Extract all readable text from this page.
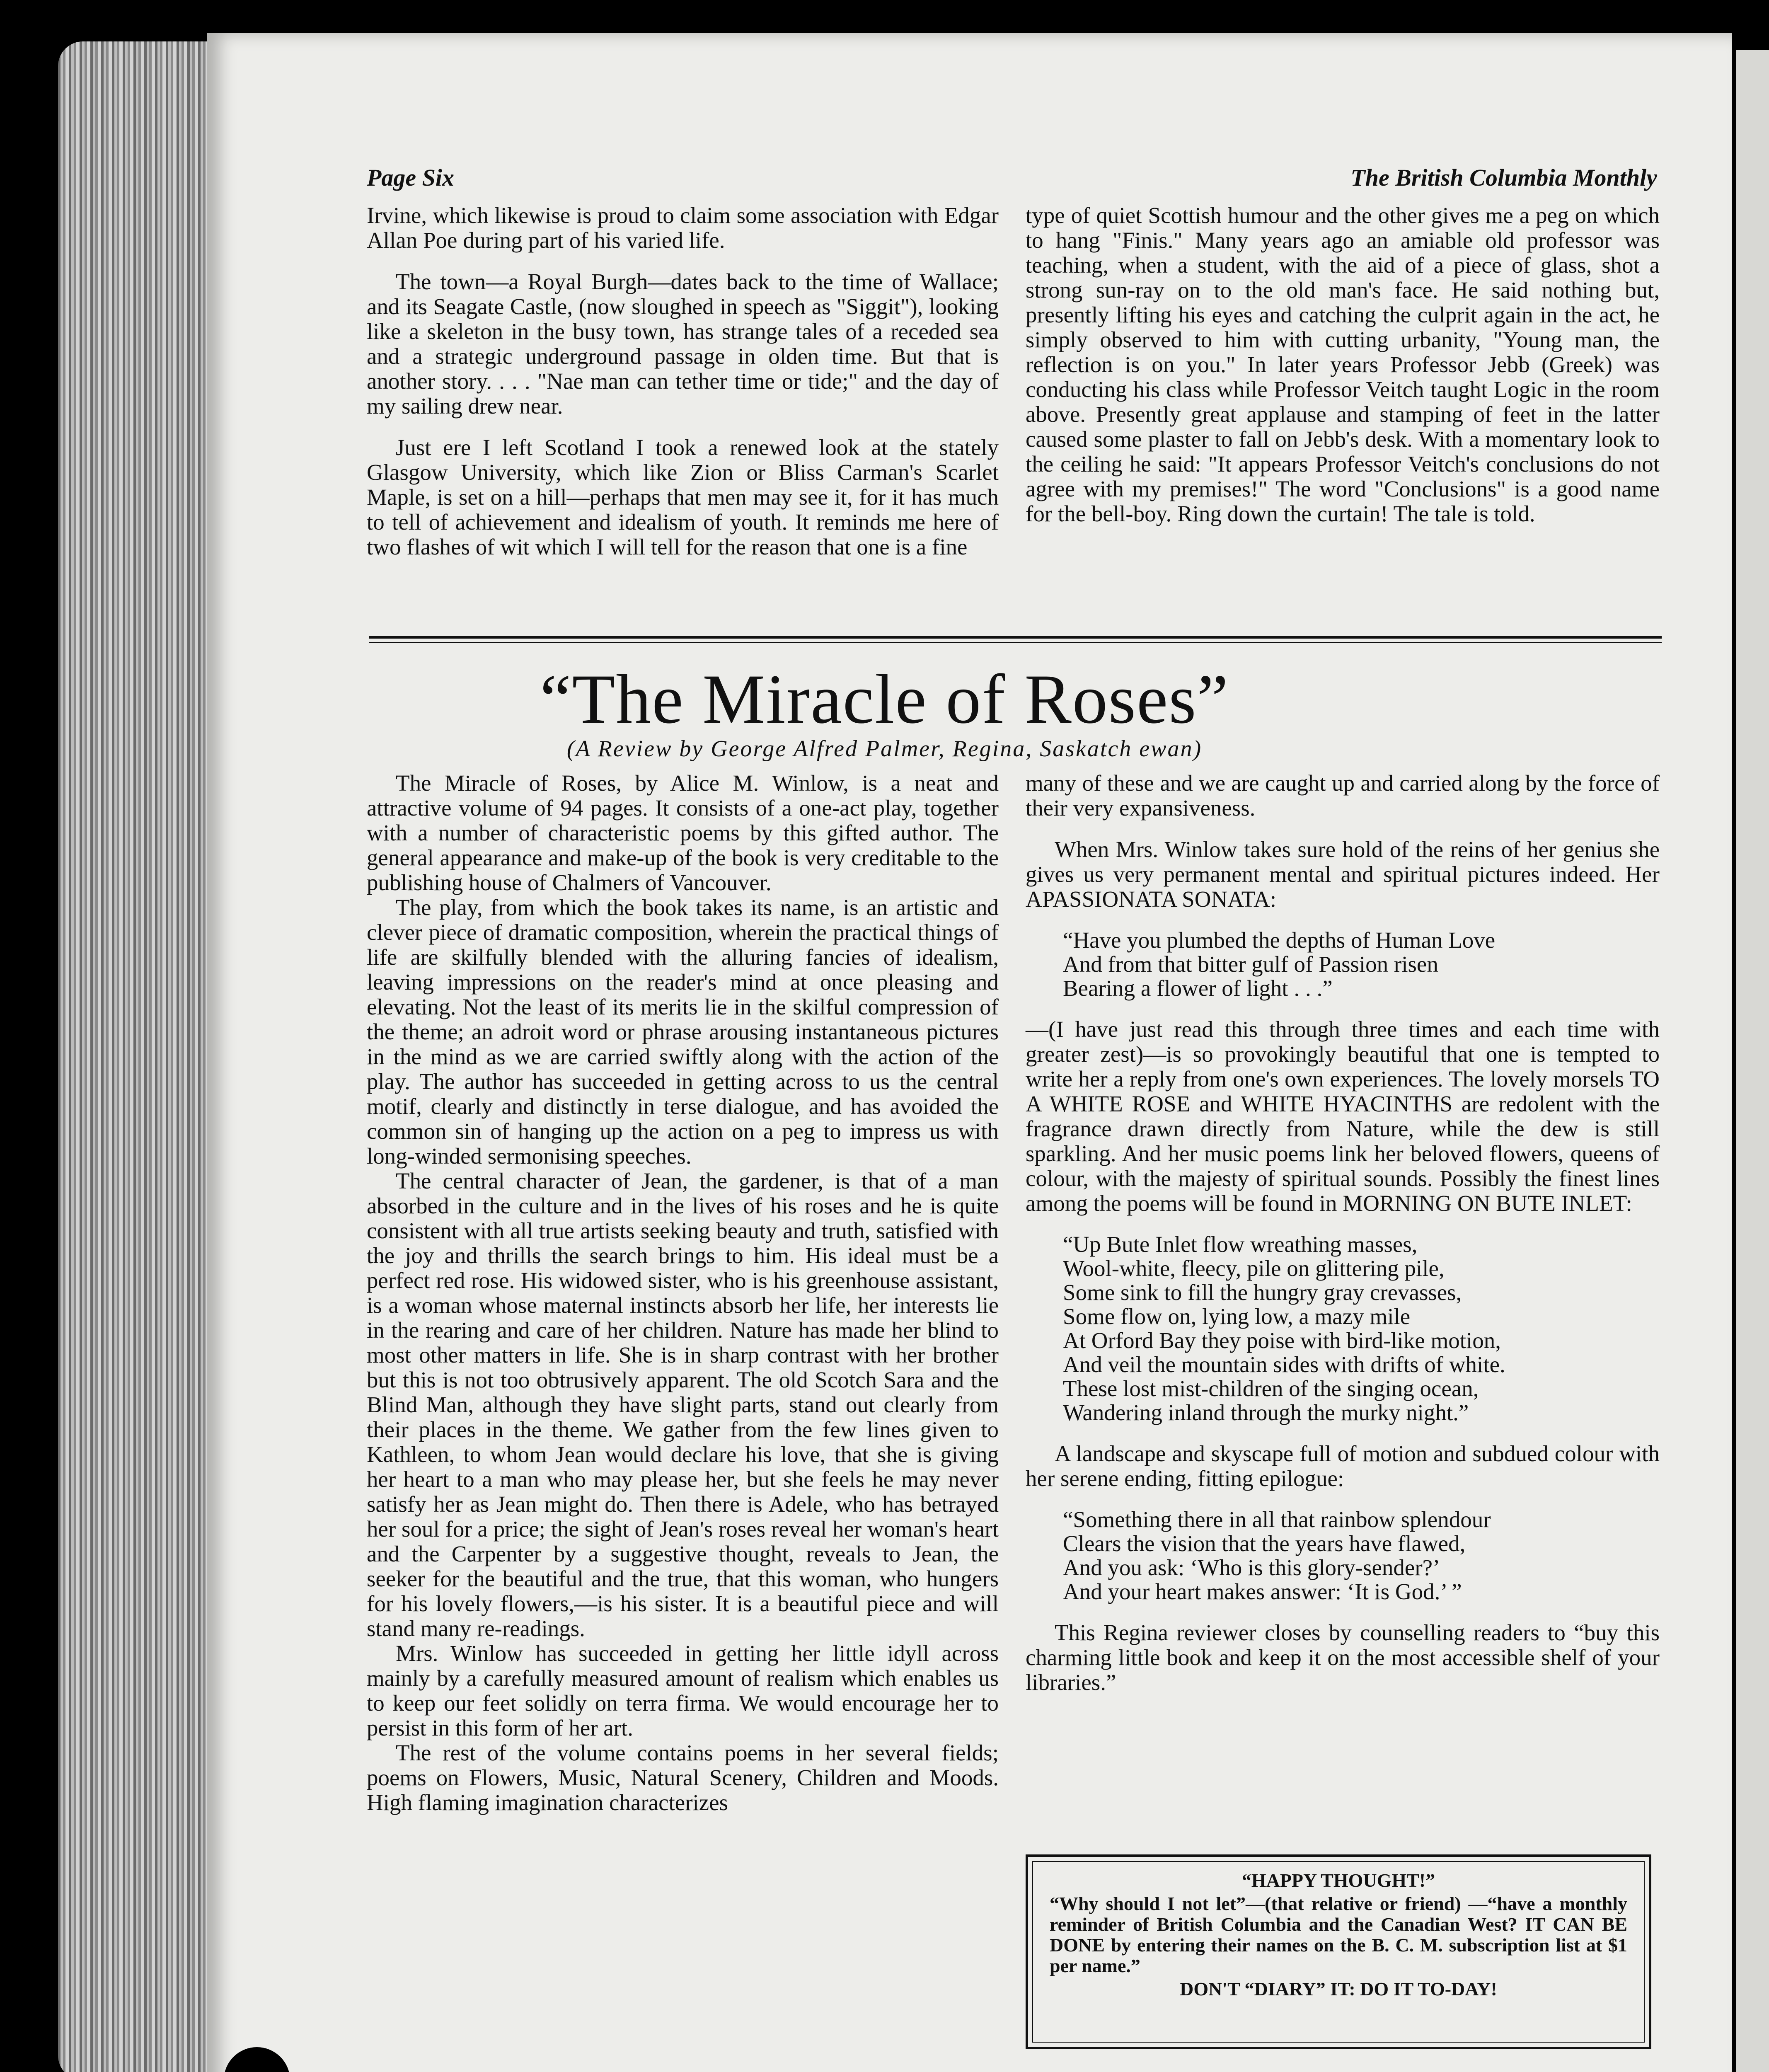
Page Six	The British Columbia Monthly

Irvine, which likewise is proud to claim some association with Edgar Allan Poe during part of his varied life.

The town—a Royal Burgh—dates back to the time of Wallace; and its Seagate Castle, (now sloughed in speech as "Siggit"), looking like a skeleton in the busy town, has strange tales of a receded sea and a strategic underground passage in olden time. But that is another story. . . . "Nae man can tether time or tide;" and the day of my sailing drew near.

Just ere I left Scotland I took a renewed look at the stately Glasgow University, which like Zion or Bliss Carman's Scarlet Maple, is set on a hill—perhaps that men may see it, for it has much to tell of achievement and idealism of youth. It reminds me here of two flashes of wit which I will tell for the reason that one is a fine

type of quiet Scottish humour and the other gives me a peg on which to hang "Finis." Many years ago an amiable old professor was teaching, when a student, with the aid of a piece of glass, shot a strong sun-ray on to the old man's face. He said nothing but, presently lifting his eyes and catching the culprit again in the act, he simply observed to him with cutting urbanity, "Young man, the reflection is on you." In later years Professor Jebb (Greek) was conducting his class while Professor Veitch taught Logic in the room above. Presently great applause and stamping of feet in the latter caused some plaster to fall on Jebb's desk. With a momentary look to the ceiling he said: "It appears Professor Veitch's conclusions do not agree with my premises!" The word "Conclusions" is a good name for the bell-boy. Ring down the curtain! The tale is told.

“The Miracle of Roses”
(A Review by George Alfred Palmer, Regina, Saskatch ewan)

The Miracle of Roses, by Alice M. Winlow, is a neat and attractive volume of 94 pages. It consists of a one-act play, together with a number of characteristic poems by this gifted author. The general appearance and make-up of the book is very creditable to the publishing house of Chalmers of Vancouver.

The play, from which the book takes its name, is an artistic and clever piece of dramatic composition, wherein the practical things of life are skilfully blended with the alluring fancies of idealism, leaving impressions on the reader's mind at once pleasing and elevating. Not the least of its merits lie in the skilful compression of the theme; an adroit word or phrase arousing instantaneous pictures in the mind as we are carried swiftly along with the action of the play. The author has succeeded in getting across to us the central motif, clearly and distinctly in terse dialogue, and has avoided the common sin of hanging up the action on a peg to impress us with long-winded sermonising speeches.

The central character of Jean, the gardener, is that of a man absorbed in the culture and in the lives of his roses and he is quite consistent with all true artists seeking beauty and truth, satisfied with the joy and thrills the search brings to him. His ideal must be a perfect red rose. His widowed sister, who is his greenhouse assistant, is a woman whose maternal instincts absorb her life, her interests lie in the rearing and care of her children. Nature has made her blind to most other matters in life. She is in sharp contrast with her brother but this is not too obtrusively apparent. The old Scotch Sara and the Blind Man, although they have slight parts, stand out clearly from their places in the theme. We gather from the few lines given to Kathleen, to whom Jean would declare his love, that she is giving her heart to a man who may please her, but she feels he may never satisfy her as Jean might do. Then there is Adele, who has betrayed her soul for a price; the sight of Jean's roses reveal her woman's heart and the Carpenter by a suggestive thought, reveals to Jean, the seeker for the beautiful and the true, that this woman, who hungers for his lovely flowers,—is his sister. It is a beautiful piece and will stand many re-readings.

Mrs. Winlow has succeeded in getting her little idyll across mainly by a carefully measured amount of realism which enables us to keep our feet solidly on terra firma. We would encourage her to persist in this form of her art.

The rest of the volume contains poems in her several fields; poems on Flowers, Music, Natural Scenery, Children and Moods. High flaming imagination characterizes

many of these and we are caught up and carried along by the force of their very expansiveness.

When Mrs. Winlow takes sure hold of the reins of her genius she gives us very permanent mental and spiritual pictures indeed. Her APASSIONATA SONATA:

“Have you plumbed the depths of Human Love
And from that bitter gulf of Passion risen
Bearing a flower of light . . .”

—(I have just read this through three times and each time with greater zest)—is so provokingly beautiful that one is tempted to write her a reply from one's own experiences. The lovely morsels TO A WHITE ROSE and WHITE HYACINTHS are redolent with the fragrance drawn directly from Nature, while the dew is still sparkling. And her music poems link her beloved flowers, queens of colour, with the majesty of spiritual sounds. Possibly the finest lines among the poems will be found in MORNING ON BUTE INLET:

“Up Bute Inlet flow wreathing masses,
Wool-white, fleecy, pile on glittering pile,
Some sink to fill the hungry gray crevasses,
Some flow on, lying low, a mazy mile
At Orford Bay they poise with bird-like motion,
And veil the mountain sides with drifts of white.
These lost mist-children of the singing ocean,
Wandering inland through the murky night.”

A landscape and skyscape full of motion and subdued colour with her serene ending, fitting epilogue:

“Something there in all that rainbow splendour
Clears the vision that the years have flawed,
And you ask: ‘Who is this glory-sender?’
And your heart makes answer: ‘It is God.’ ”

This Regina reviewer closes by counselling readers to “buy this charming little book and keep it on the most accessible shelf of your libraries.”

“HAPPY THOUGHT!”
“Why should I not let”—(that relative or friend) —“have a monthly reminder of British Columbia and the Canadian West? IT CAN BE DONE by entering their names on the B. C. M. subscription list at $1 per name.”
DON'T “DIARY” IT: DO IT TO-DAY!
